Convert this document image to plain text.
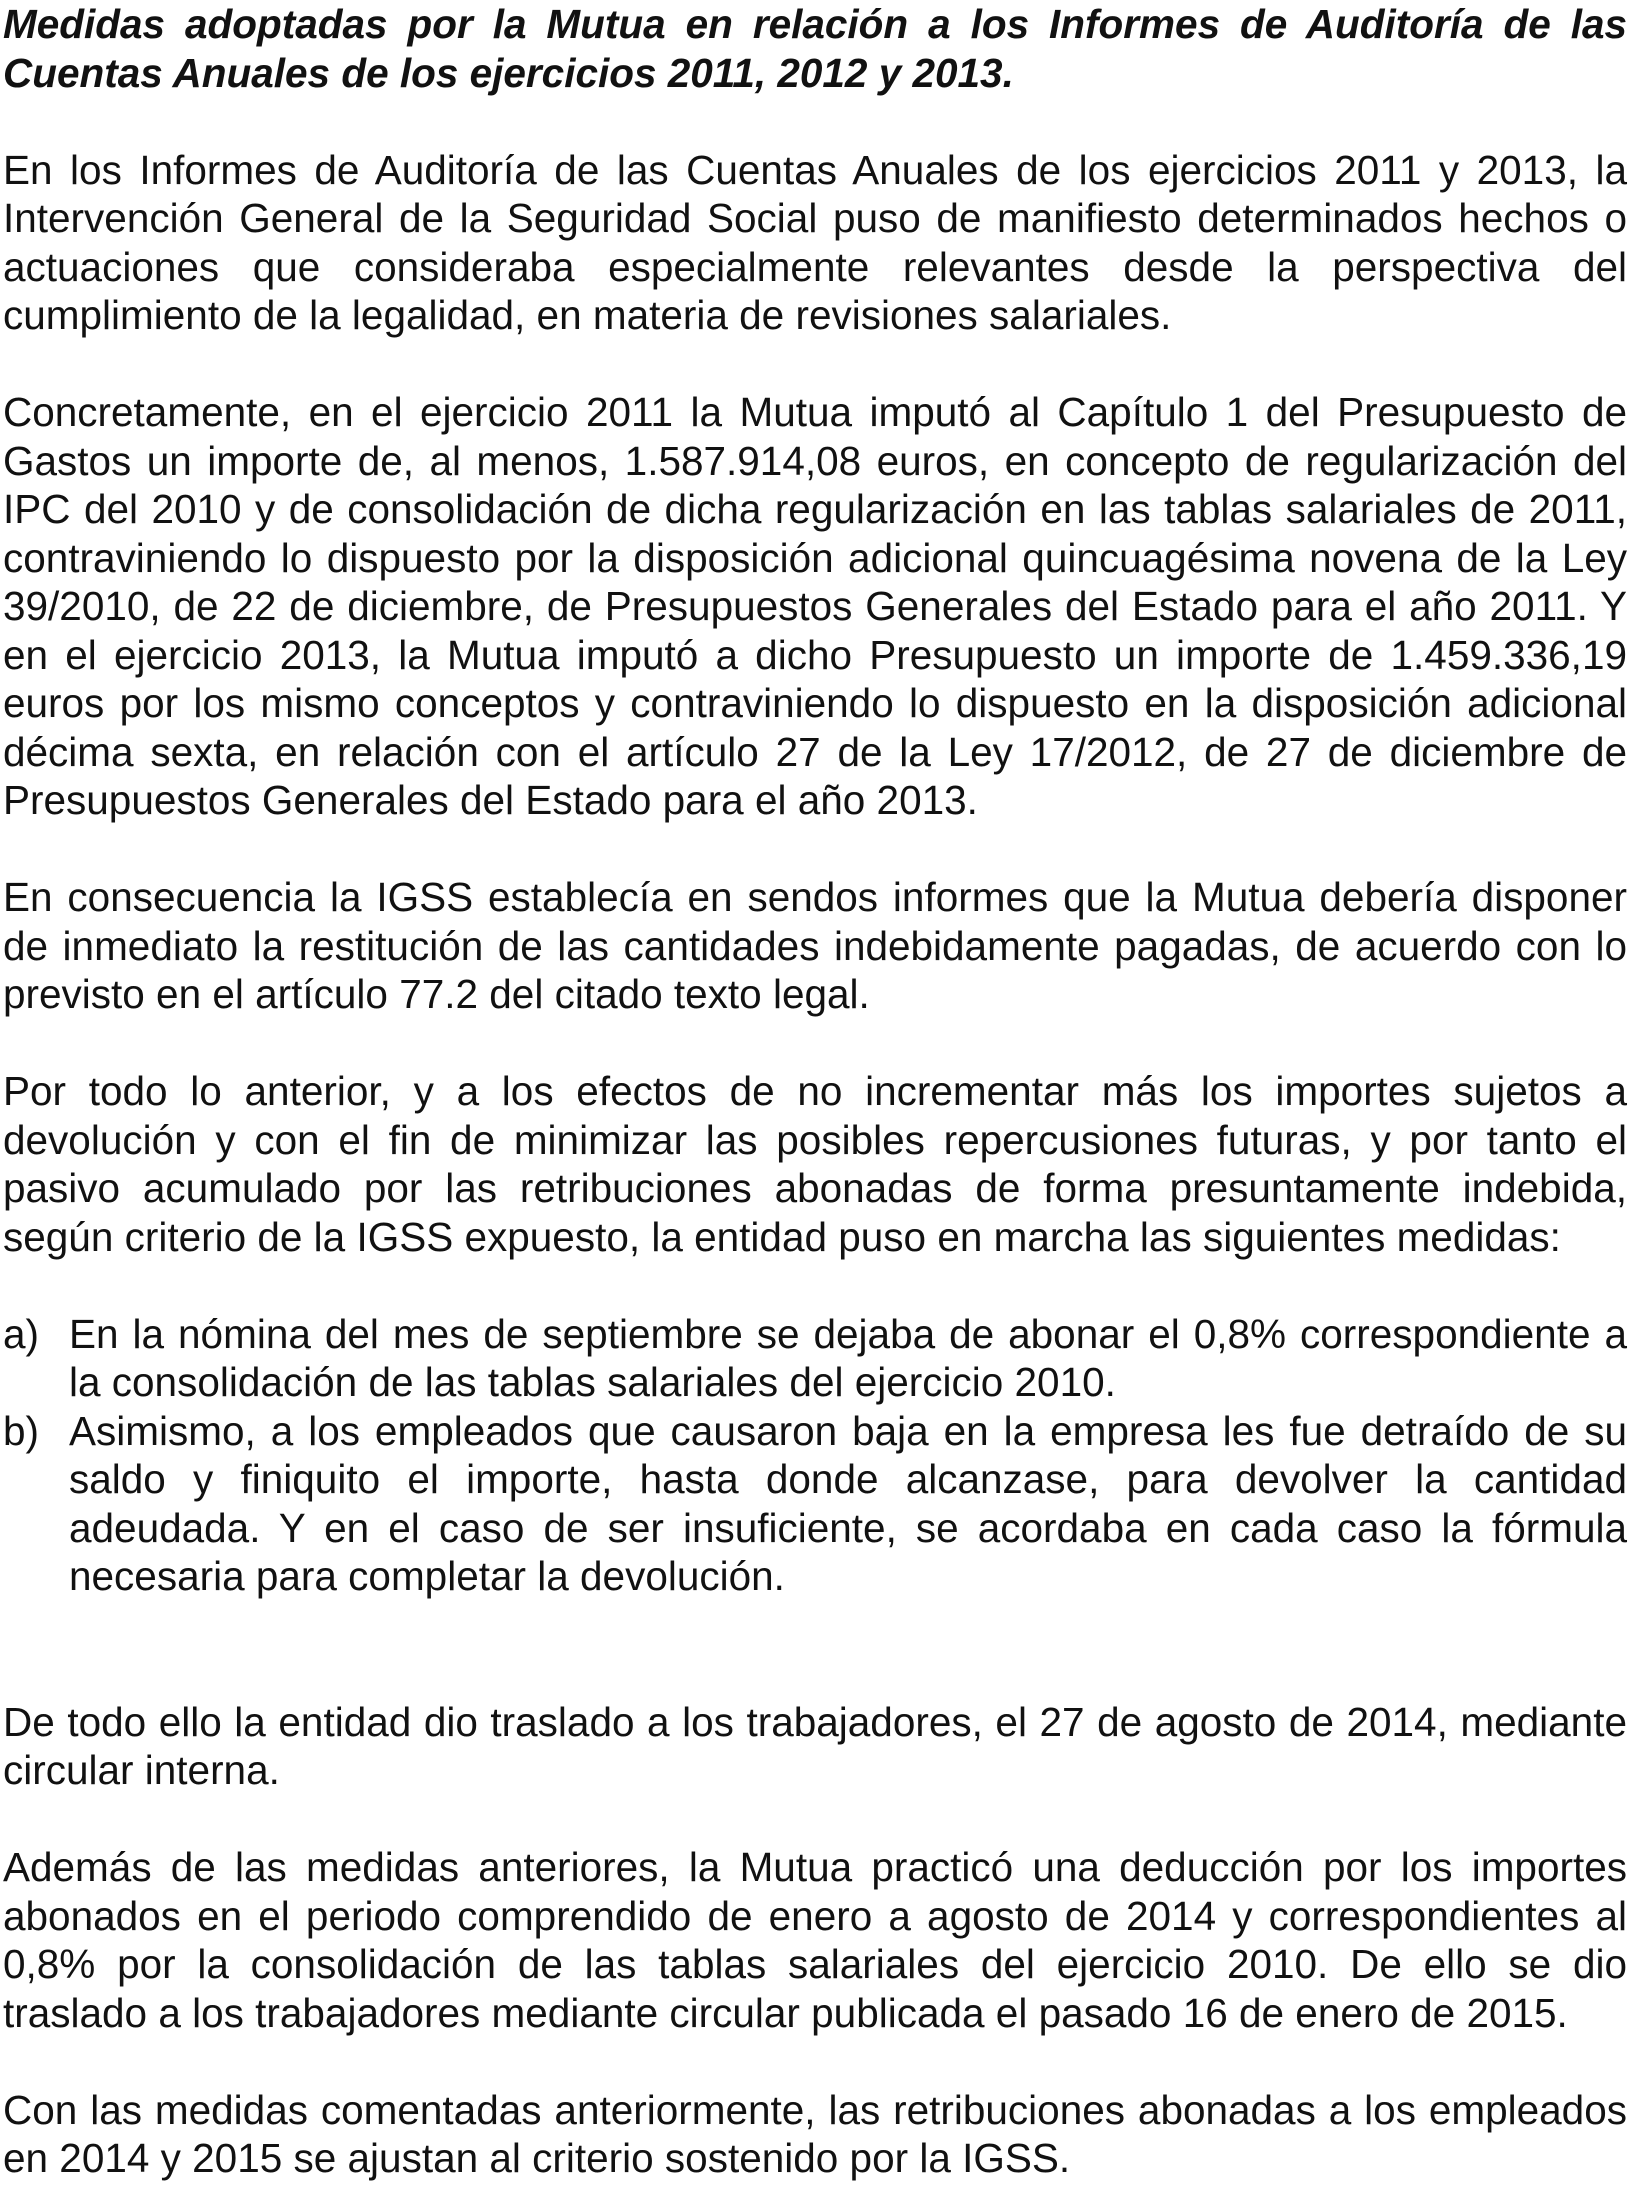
Medidas adoptadas por la Mutua en relación a los Informes de Auditoría de las Cuentas Anuales de los ejercicios 2011, 2012 y 2013.

En los Informes de Auditoría de las Cuentas Anuales de los ejercicios 2011 y 2013, la Intervención General de la Seguridad Social puso de manifiesto determinados hechos o actuaciones que consideraba especialmente relevantes desde la perspectiva del cumplimiento de la legalidad, en materia de revisiones salariales.

Concretamente, en el ejercicio 2011 la Mutua imputó al Capítulo 1 del Presupuesto de Gastos un importe de, al menos, 1.587.914,08 euros, en concepto de regularización del IPC del 2010 y de consolidación de dicha regularización en las tablas salariales de 2011, contraviniendo lo dispuesto por la disposición adicional quincuagésima novena de la Ley 39/2010, de 22 de diciembre, de Presupuestos Generales del Estado para el año 2011. Y en el ejercicio 2013, la Mutua imputó a dicho Presupuesto un importe de 1.459.336,19 euros por los mismo conceptos y contraviniendo lo dispuesto en la disposición adicional décima sexta, en relación con el artículo 27 de la Ley 17/2012, de 27 de diciembre de Presupuestos Generales del Estado para el año 2013.

En consecuencia la IGSS establecía en sendos informes que la Mutua debería disponer de inmediato la restitución de las cantidades indebidamente pagadas, de acuerdo con lo previsto en el artículo 77.2 del citado texto legal.

Por todo lo anterior, y a los efectos de no incrementar más los importes sujetos a devolución y con el fin de minimizar las posibles repercusiones futuras, y por tanto el pasivo acumulado por las retribuciones abonadas de forma presuntamente indebida, según criterio de la IGSS expuesto, la entidad puso en marcha las siguientes medidas:

a) En la nómina del mes de septiembre se dejaba de abonar el 0,8% correspondiente a la consolidación de las tablas salariales del ejercicio 2010.

b) Asimismo, a los empleados que causaron baja en la empresa les fue detraído de su saldo y finiquito el importe, hasta donde alcanzase, para devolver la cantidad adeudada. Y en el caso de ser insuficiente, se acordaba en cada caso la fórmula necesaria para completar la devolución.

De todo ello la entidad dio traslado a los trabajadores, el 27 de agosto de 2014, mediante circular interna.

Además de las medidas anteriores, la Mutua practicó una deducción por los importes abonados en el periodo comprendido de enero a agosto de 2014 y correspondientes al 0,8% por la consolidación de las tablas salariales del ejercicio 2010. De ello se dio traslado a los trabajadores mediante circular publicada el pasado 16 de enero de 2015.

Con las medidas comentadas anteriormente, las retribuciones abonadas a los empleados en 2014 y 2015 se ajustan al criterio sostenido por la IGSS.
